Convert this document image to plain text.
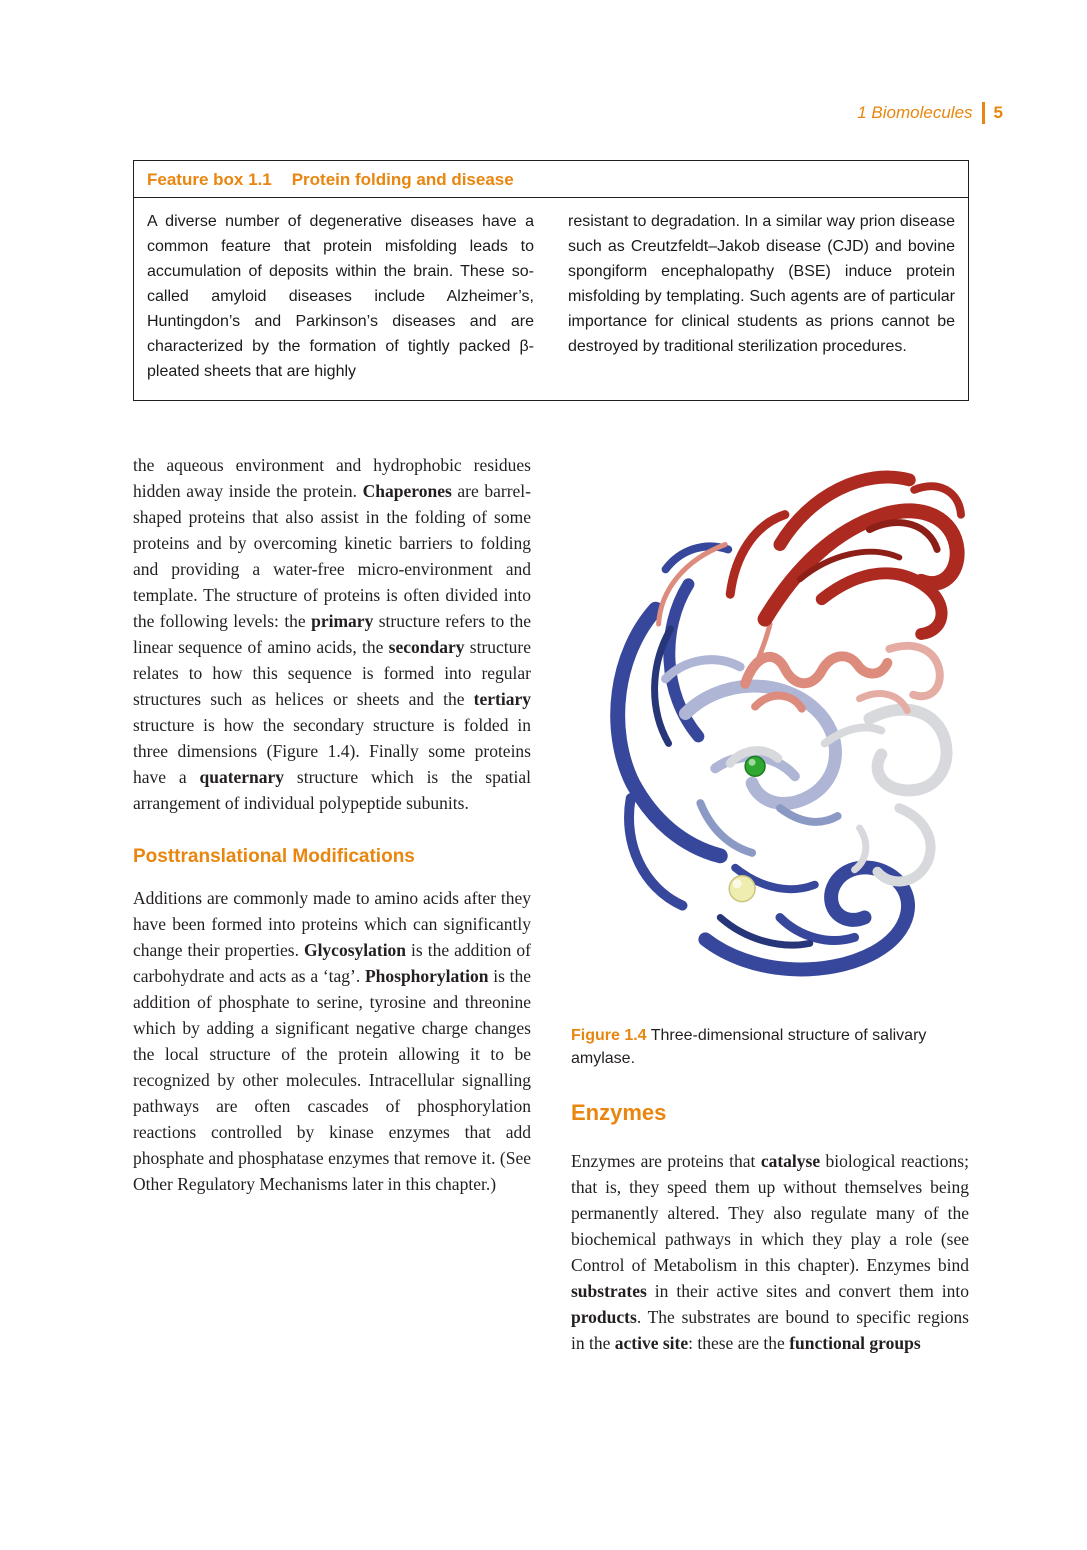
1 Biomolecules 5
Feature box 1.1 Protein folding and disease
A diverse number of degenerative diseases have a common feature that protein misfolding leads to accumulation of deposits within the brain. These so-called amyloid diseases include Alzheimer’s, Huntingdon’s and Parkinson’s diseases and are characterized by the formation of tightly packed β-pleated sheets that are highly
resistant to degradation. In a similar way prion disease such as Creutzfeldt–Jakob disease (CJD) and bovine spongiform encephalopathy (BSE) induce protein misfolding by templating. Such agents are of particular importance for clinical students as prions cannot be destroyed by traditional sterilization procedures.

the aqueous environment and hydrophobic residues hidden away inside the protein. Chaperones are barrel-shaped proteins that also assist in the folding of some proteins and by overcoming kinetic barriers to folding and providing a water-free micro-environment and template. The structure of proteins is often divided into the following levels: the primary structure refers to the linear sequence of amino acids, the secondary structure relates to how this sequence is formed into regular structures such as helices or sheets and the tertiary structure is how the secondary structure is folded in three dimensions (Figure 1.4). Finally some proteins have a quaternary structure which is the spatial arrangement of individual polypeptide subunits.

Posttranslational Modifications

Additions are commonly made to amino acids after they have been formed into proteins which can significantly change their properties. Glycosylation is the addition of carbohydrate and acts as a ‘tag’. Phosphorylation is the addition of phosphate to serine, tyrosine and threonine which by adding a significant negative charge changes the local structure of the protein allowing it to be recognized by other molecules. Intracellular signalling pathways are often cascades of phosphorylation reactions controlled by kinase enzymes that add phosphate and phosphatase enzymes that remove it. (See Other Regulatory Mechanisms later in this chapter.)

Figure 1.4 Three-dimensional structure of salivary amylase.

Enzymes

Enzymes are proteins that catalyse biological reactions; that is, they speed them up without themselves being permanently altered. They also regulate many of the biochemical pathways in which they play a role (see Control of Metabolism in this chapter). Enzymes bind substrates in their active sites and convert them into products. The substrates are bound to specific regions in the active site: these are the functional groups
